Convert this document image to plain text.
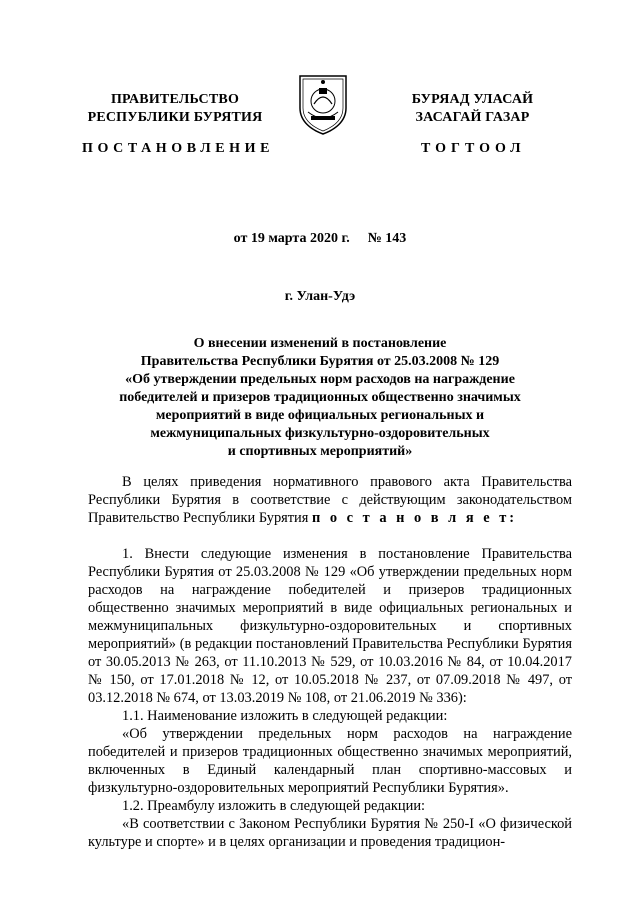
ПРАВИТЕЛЬСТВО
РЕСПУБЛИКИ БУРЯТИЯ
БУРЯАД УЛАСАЙ
ЗАСАГАЙ ГАЗАР
ПОСТАНОВЛЕНИЕ	ТОГТООЛ
от 19 марта 2020 г. № 143
г. Улан-Удэ
О внесении изменений в постановление
Правительства Республики Бурятия от 25.03.2008 № 129
«Об утверждении предельных норм расходов на награждение
победителей и призеров традиционных общественно значимых
мероприятий в виде официальных региональных и
межмуниципальных физкультурно-оздоровительных
и спортивных мероприятий»

В целях приведения нормативного правового акта Правительства Республики Бурятия в соответствие с действующим законодательством Правительство Республики Бурятия п о с т а н о в л я е т:

1. Внести следующие изменения в постановление Правительства Республики Бурятия от 25.03.2008 № 129 «Об утверждении предельных норм расходов на награждение победителей и призеров традиционных общественно значимых мероприятий в виде официальных региональных и межмуниципальных физкультурно-оздоровительных и спортивных мероприятий» (в редакции постановлений Правительства Республики Бурятия от 30.05.2013 № 263, от 11.10.2013 № 529, от 10.03.2016 № 84, от 10.04.2017 № 150, от 17.01.2018 № 12, от 10.05.2018 № 237, от 07.09.2018 № 497, от 03.12.2018 № 674, от 13.03.2019 № 108, от 21.06.2019 № 336):

1.1. Наименование изложить в следующей редакции:

«Об утверждении предельных норм расходов на награждение победителей и призеров традиционных общественно значимых мероприятий, включенных в Единый календарный план спортивно-массовых и физкультурно-оздоровительных мероприятий Республики Бурятия».

1.2. Преамбулу изложить в следующей редакции:

«В соответствии с Законом Республики Бурятия № 250-I «О физической культуре и спорте» и в целях организации и проведения традицион-
